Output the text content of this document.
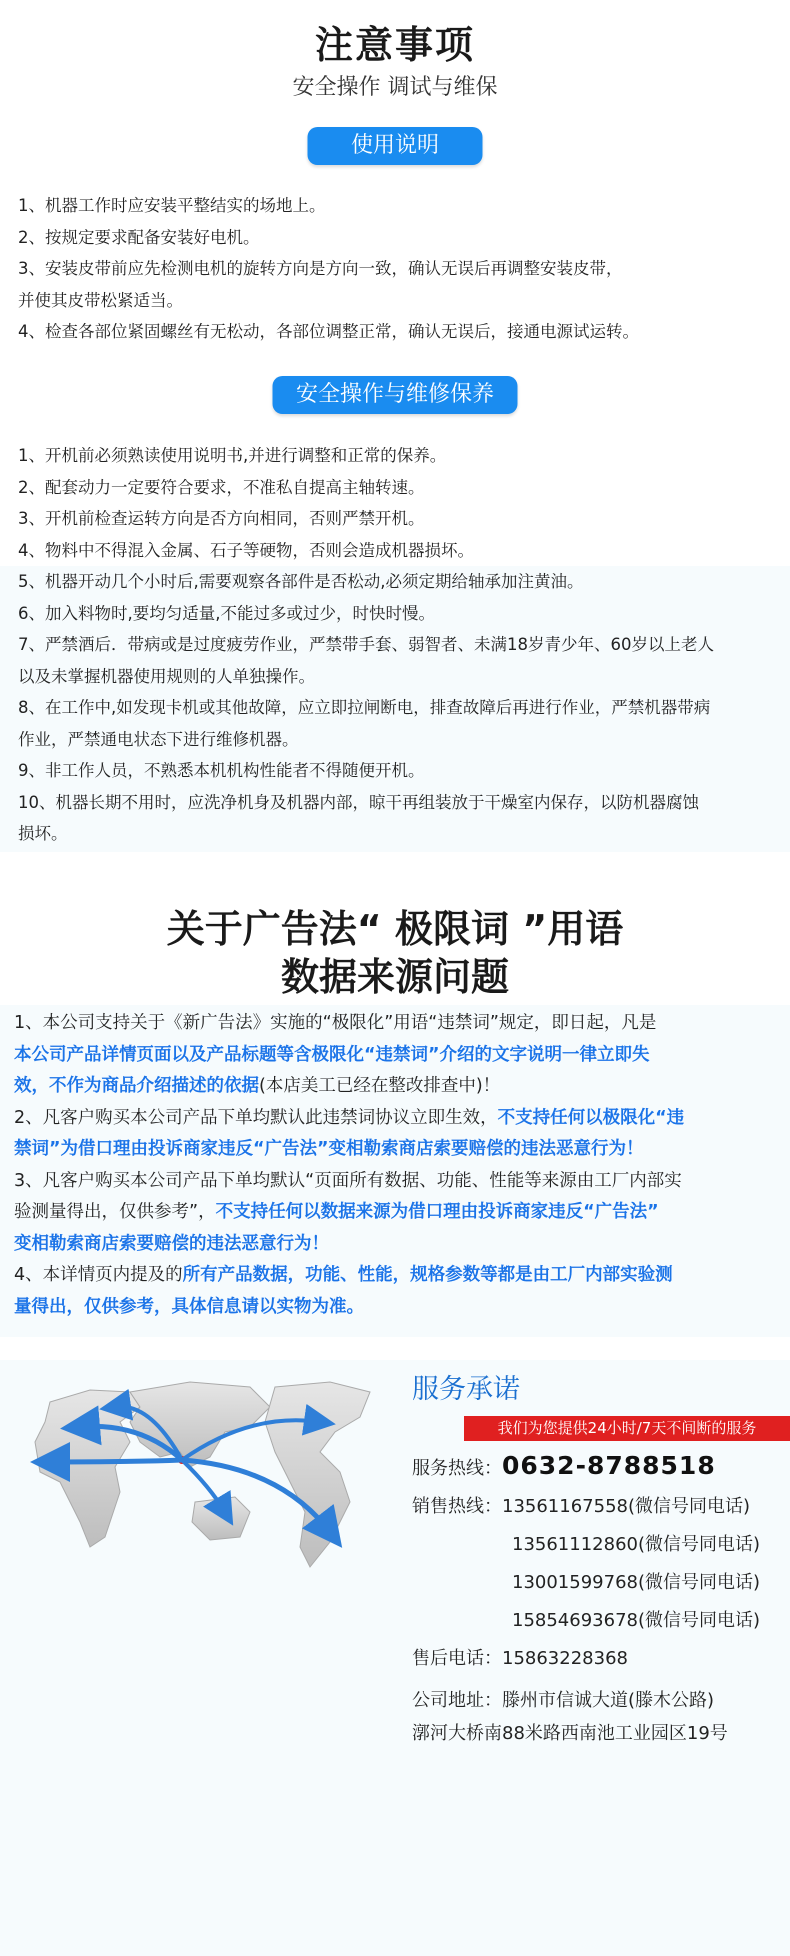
注意事项
安全操作 调试与维保
使用说明
1、机器工作时应安装平整结实的场地上。
2、按规定要求配备安装好电机。
3、安装皮带前应先检测电机的旋转方向是方向一致，确认无误后再调整安装皮带，
并使其皮带松紧适当。
4、检查各部位紧固螺丝有无松动，各部位调整正常，确认无误后，接通电源试运转。
安全操作与维修保养
1、开机前必须熟读使用说明书,并进行调整和正常的保养。
2、配套动力一定要符合要求，不准私自提高主轴转速。
3、开机前检查运转方向是否方向相同，否则严禁开机。
4、物料中不得混入金属、石子等硬物，否则会造成机器损坏。
5、机器开动几个小时后,需要观察各部件是否松动,必须定期给轴承加注黄油。
6、加入料物时,要均匀适量,不能过多或过少，时快时慢。
7、严禁酒后．带病或是过度疲劳作业，严禁带手套、弱智者、未满18岁青少年、60岁以上老人
以及未掌握机器使用规则的人单独操作。
8、在工作中,如发现卡机或其他故障，应立即拉闸断电，排查故障后再进行作业，严禁机器带病
作业，严禁通电状态下进行维修机器。
9、非工作人员，不熟悉本机机构性能者不得随便开机。
10、机器长期不用时，应洗净机身及机器内部，晾干再组装放于干燥室内保存，以防机器腐蚀
损坏。
关于广告法“ 极限词 ”用语
数据来源问题
1、本公司支持关于《新广告法》实施的“极限化”用语“违禁词”规定，即日起，凡是
本公司产品详情页面以及产品标题等含极限化“违禁词”介绍的文字说明一律立即失
效，不作为商品介绍描述的依据(本店美工已经在整改排查中)！
2、凡客户购买本公司产品下单均默认此违禁词协议立即生效，不支持任何以极限化“违
禁词”为借口理由投诉商家违反“广告法”变相勒索商店索要赔偿的违法恶意行为！
3、凡客户购买本公司产品下单均默认“页面所有数据、功能、性能等来源由工厂内部实
验测量得出，仅供参考”，不支持任何以数据来源为借口理由投诉商家违反“广告法”
变相勒索商店索要赔偿的违法恶意行为！
4、本详情页内提及的所有产品数据，功能、性能，规格参数等都是由工厂内部实验测
量得出，仅供参考，具体信息请以实物为准。
服务承诺
我们为您提供24小时/7天不间断的服务
服务热线：0632-8788518
销售热线：13561167558(微信号同电话)
13561112860(微信号同电话)
13001599768(微信号同电话)
15854693678(微信号同电话)
售后电话：15863228368
公司地址：滕州市信诚大道(滕木公路)
漷河大桥南88米路西南池工业园区19号
